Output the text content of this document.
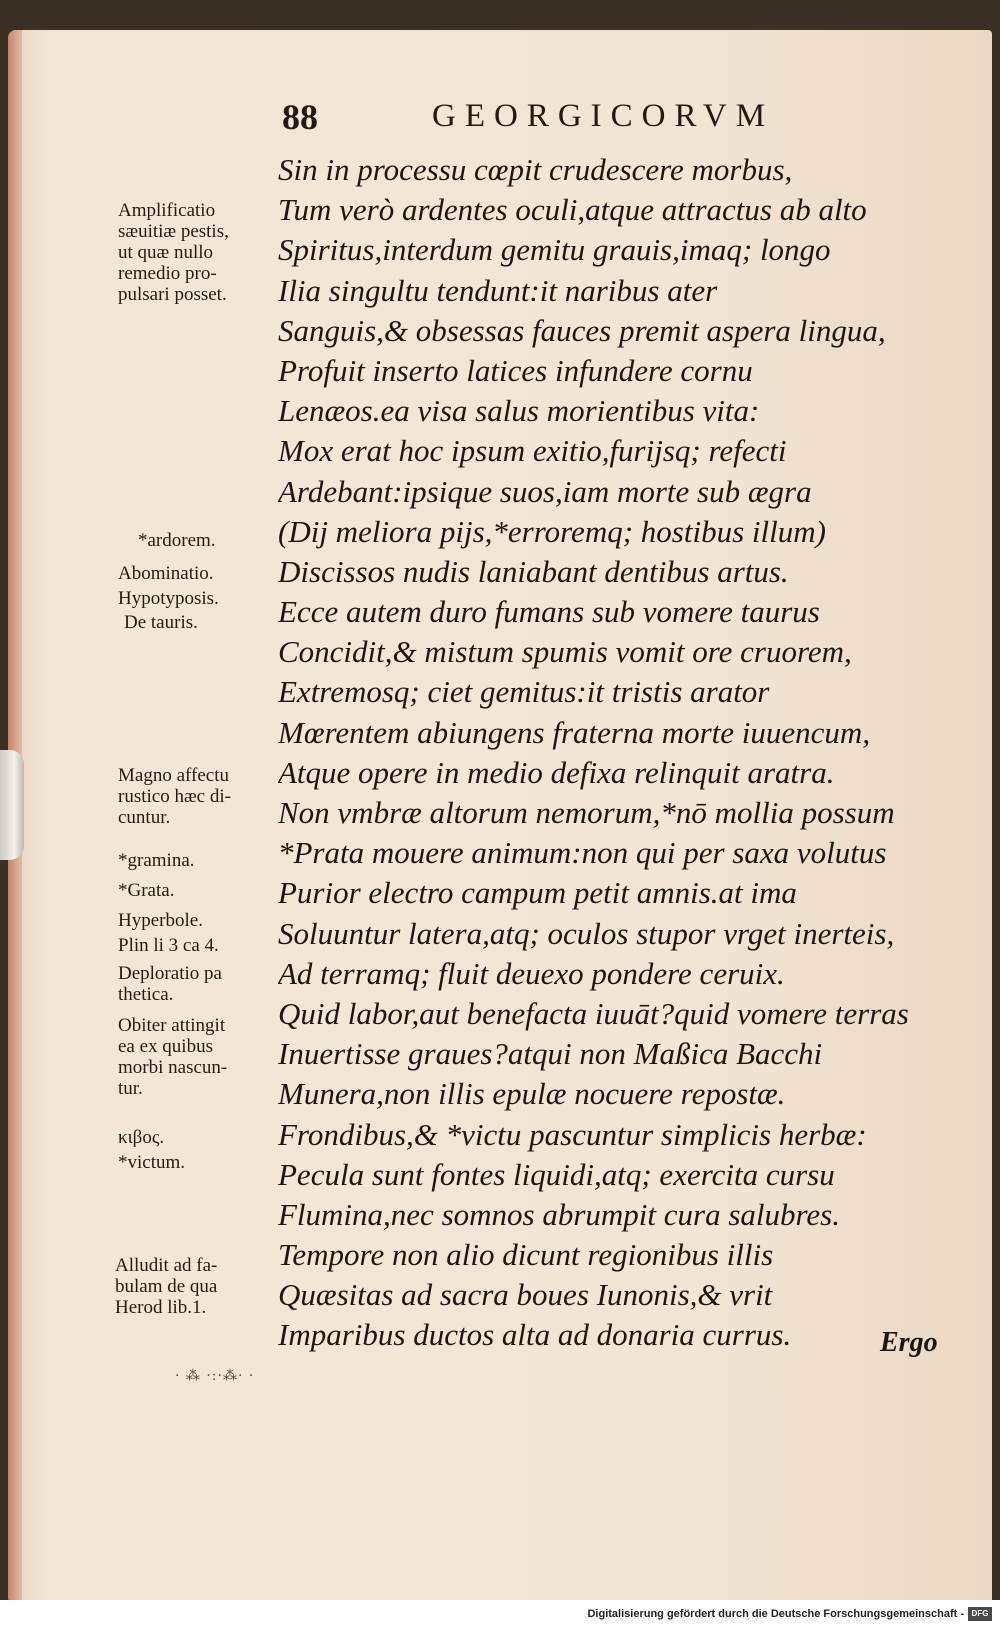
88	GEORGICORVM
Sin in processu cœpit crudescere morbus,
Tum verò ardentes oculi,atque attractus ab alto
Spiritus,interdum gemitu grauis,imaq; longo
Ilia singultu tendunt:it naribus ater
Sanguis,& obsessas fauces premit aspera lingua,
Profuit inserto latices infundere cornu
Lenæos.ea visa salus morientibus vita:
Mox erat hoc ipsum exitio,furijsq; refecti
Ardebant:ipsique suos,iam morte sub ægra
(Dij meliora pijs,*erroremq; hostibus illum)
Discissos nudis laniabant dentibus artus.
Ecce autem duro fumans sub vomere taurus
Concidit,& mistum spumis vomit ore cruorem,
Extremosq; ciet gemitus:it tristis arator
Mœrentem abiungens fraterna morte iuuencum,
Atque opere in medio defixa relinquit aratra.
Non vmbræ altorum nemorum,*nō mollia possum
*Prata mouere animum:non qui per saxa volutus
Purior electro campum petit amnis.at ima
Soluuntur latera,atq; oculos stupor vrget inerteis,
Ad terramq; fluit deuexo pondere ceruix.
Quid labor,aut benefacta iuuāt?quid vomere terras
Inuertisse graues?atqui non Maßica Bacchi
Munera,non illis epulæ nocuere repostæ.
Frondibus,& *victu pascuntur simplicis herbæ:
Pecula sunt fontes liquidi,atq; exercita cursu
Flumina,nec somnos abrumpit cura salubres.
Tempore non alio dicunt regionibus illis
Quæsitas ad sacra boues Iunonis,& vrit
Imparibus ductos alta ad donaria currus.
Amplificatio
sæuitiæ pestis,
ut quæ nullo
remedio pro-
pulsari posset.
*ardorem.
Abominatio.
Hypotyposis.
De tauris.
Magno affectu
rustico hæc di-
cuntur.
*gramina.
*Grata.
Hyperbole.
Plin li 3 ca 4.
Deploratio pa
thetica.
Obiter attingit
ea ex quibus
morbi nascun-
tur.
κιβος.
*victum.
Alludit ad fa-
bulam de qua
Herod lib.1.
Ergo
· ⁂ ·:·⁂· ·
Digitalisierung gefördert durch die Deutsche Forschungsgemeinschaft - DFG
